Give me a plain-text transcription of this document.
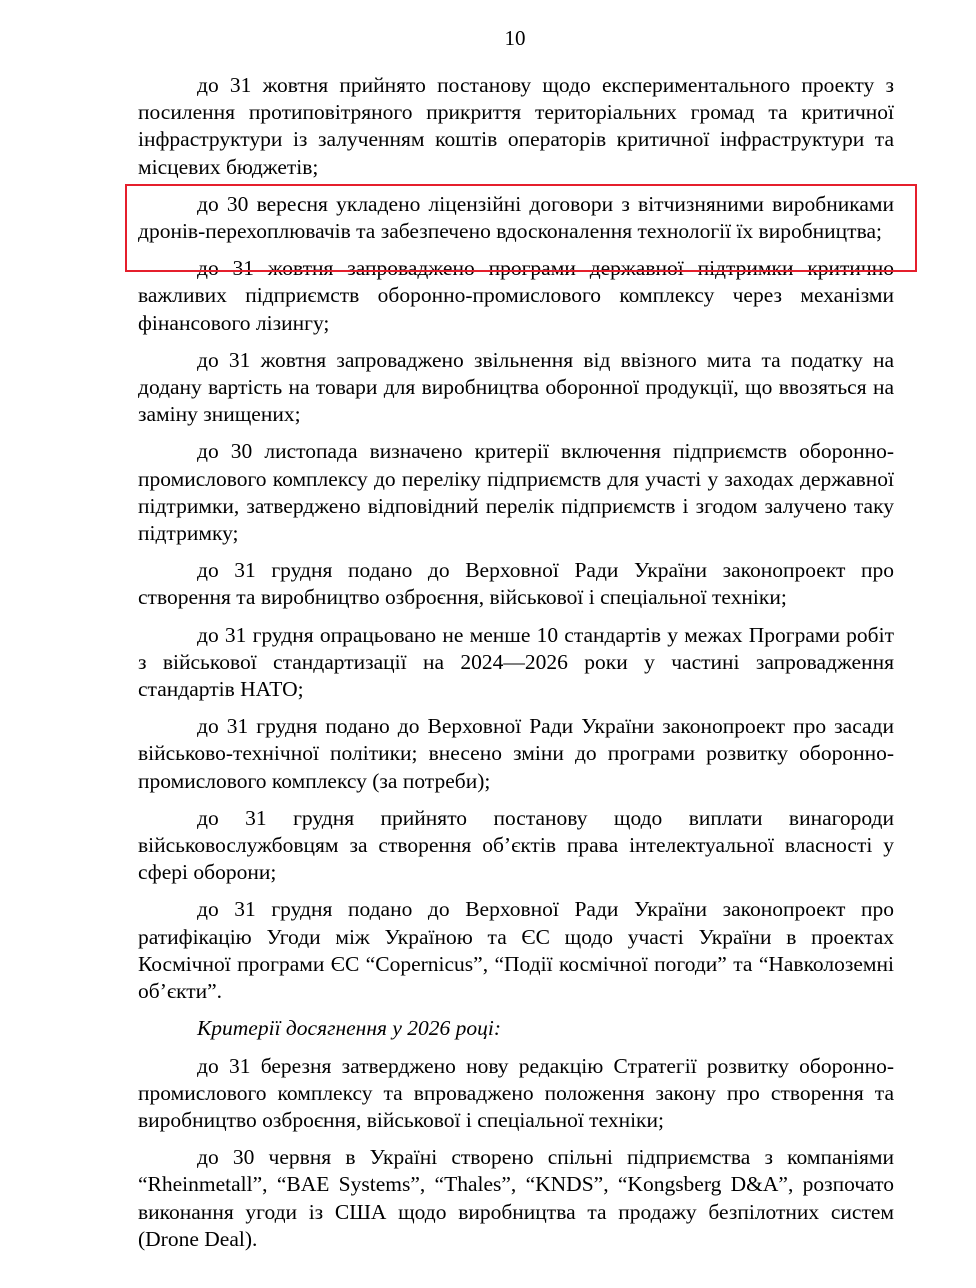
10

до 31 жовтня прийнято постанову щодо експериментального проекту з посилення протиповітряного прикриття територіальних громад та критичної інфраструктури із залученням коштів операторів критичної інфраструктури та місцевих бюджетів;

до 30 вересня укладено ліцензійні договори з вітчизняними виробниками дронів-перехоплювачів та забезпечено вдосконалення технології їх виробництва;

до 31 жовтня запроваджено програми державної підтримки критично важливих підприємств оборонно-промислового комплексу через механізми фінансового лізингу;

до 31 жовтня запроваджено звільнення від ввізного мита та податку на додану вартість на товари для виробництва оборонної продукції, що ввозяться на заміну знищених;

до 30 листопада визначено критерії включення підприємств оборонно-промислового комплексу до переліку підприємств для участі у заходах державної підтримки, затверджено відповідний перелік підприємств і згодом залучено таку підтримку;

до 31 грудня подано до Верховної Ради України законопроект про створення та виробництво озброєння, військової і спеціальної техніки;

до 31 грудня опрацьовано не менше 10 стандартів у межах Програми робіт з військової стандартизації на 2024—2026 роки у частині запровадження стандартів НАТО;

до 31 грудня подано до Верховної Ради України законопроект про засади військово-технічної політики; внесено зміни до програми розвитку оборонно-промислового комплексу (за потреби);

до 31 грудня прийнято постанову щодо виплати винагороди військовослужбовцям за створення об’єктів права інтелектуальної власності у сфері оборони;

до 31 грудня подано до Верховної Ради України законопроект про ратифікацію Угоди між Україною та ЄС щодо участі України в проектах Космічної програми ЄС “Copernicus”, “Події космічної погоди” та “Навколоземні об’єкти”.

Критерії досягнення у 2026 році:

до 31 березня затверджено нову редакцію Стратегії розвитку оборонно-промислового комплексу та впроваджено положення закону про створення та виробництво озброєння, військової і спеціальної техніки;

до 30 червня в Україні створено спільні підприємства з компаніями “Rheinmetall”, “BAE Systems”, “Thales”, “KNDS”, “Kongsberg D&A”, розпочато виконання угоди із США щодо виробництва та продажу безпілотних систем (Drone Deal).
